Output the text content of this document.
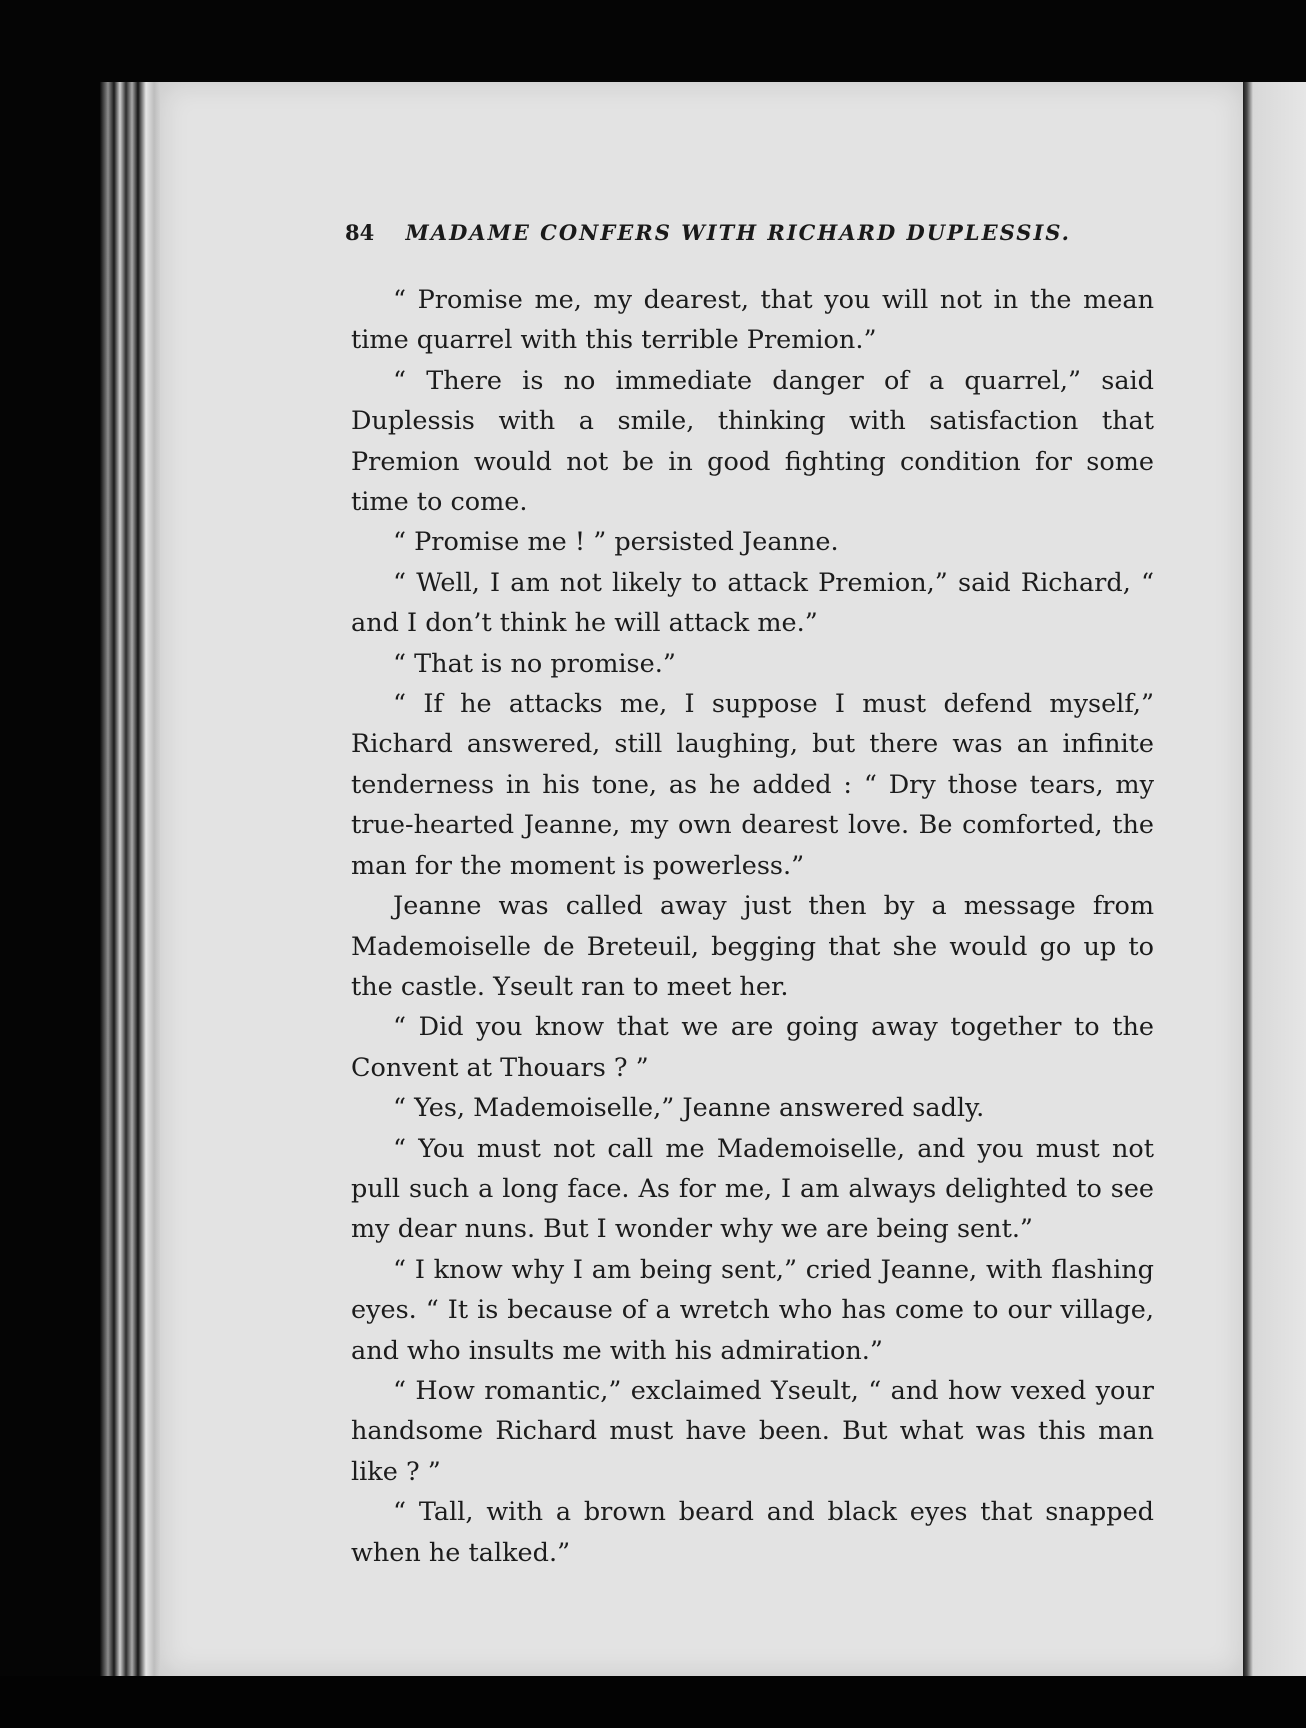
84 MADAME CONFERS WITH RICHARD DUPLESSIS.

“ Promise me, my dearest, that you will not in the mean time quarrel with this terrible Premion.”

“ There is no immediate danger of a quarrel,” said Duplessis with a smile, thinking with satisfaction that Premion would not be in good fighting condition for some time to come.

“ Promise me ! ” persisted Jeanne.

“ Well, I am not likely to attack Premion,” said Richard, “ and I don’t think he will attack me.”

“ That is no promise.”

“ If he attacks me, I suppose I must defend myself,” Richard answered, still laughing, but there was an infinite tenderness in his tone, as he added : “ Dry those tears, my true-hearted Jeanne, my own dearest love. Be comforted, the man for the moment is powerless.”

Jeanne was called away just then by a message from Mademoiselle de Breteuil, begging that she would go up to the castle. Yseult ran to meet her.

“ Did you know that we are going away together to the Convent at Thouars ? ”

“ Yes, Mademoiselle,” Jeanne answered sadly.

“ You must not call me Mademoiselle, and you must not pull such a long face. As for me, I am always delighted to see my dear nuns. But I wonder why we are being sent.”

“ I know why I am being sent,” cried Jeanne, with flashing eyes. “ It is because of a wretch who has come to our village, and who insults me with his admiration.”

“ How romantic,” exclaimed Yseult, “ and how vexed your handsome Richard must have been. But what was this man like ? ”

“ Tall, with a brown beard and black eyes that snapped when he talked.”
